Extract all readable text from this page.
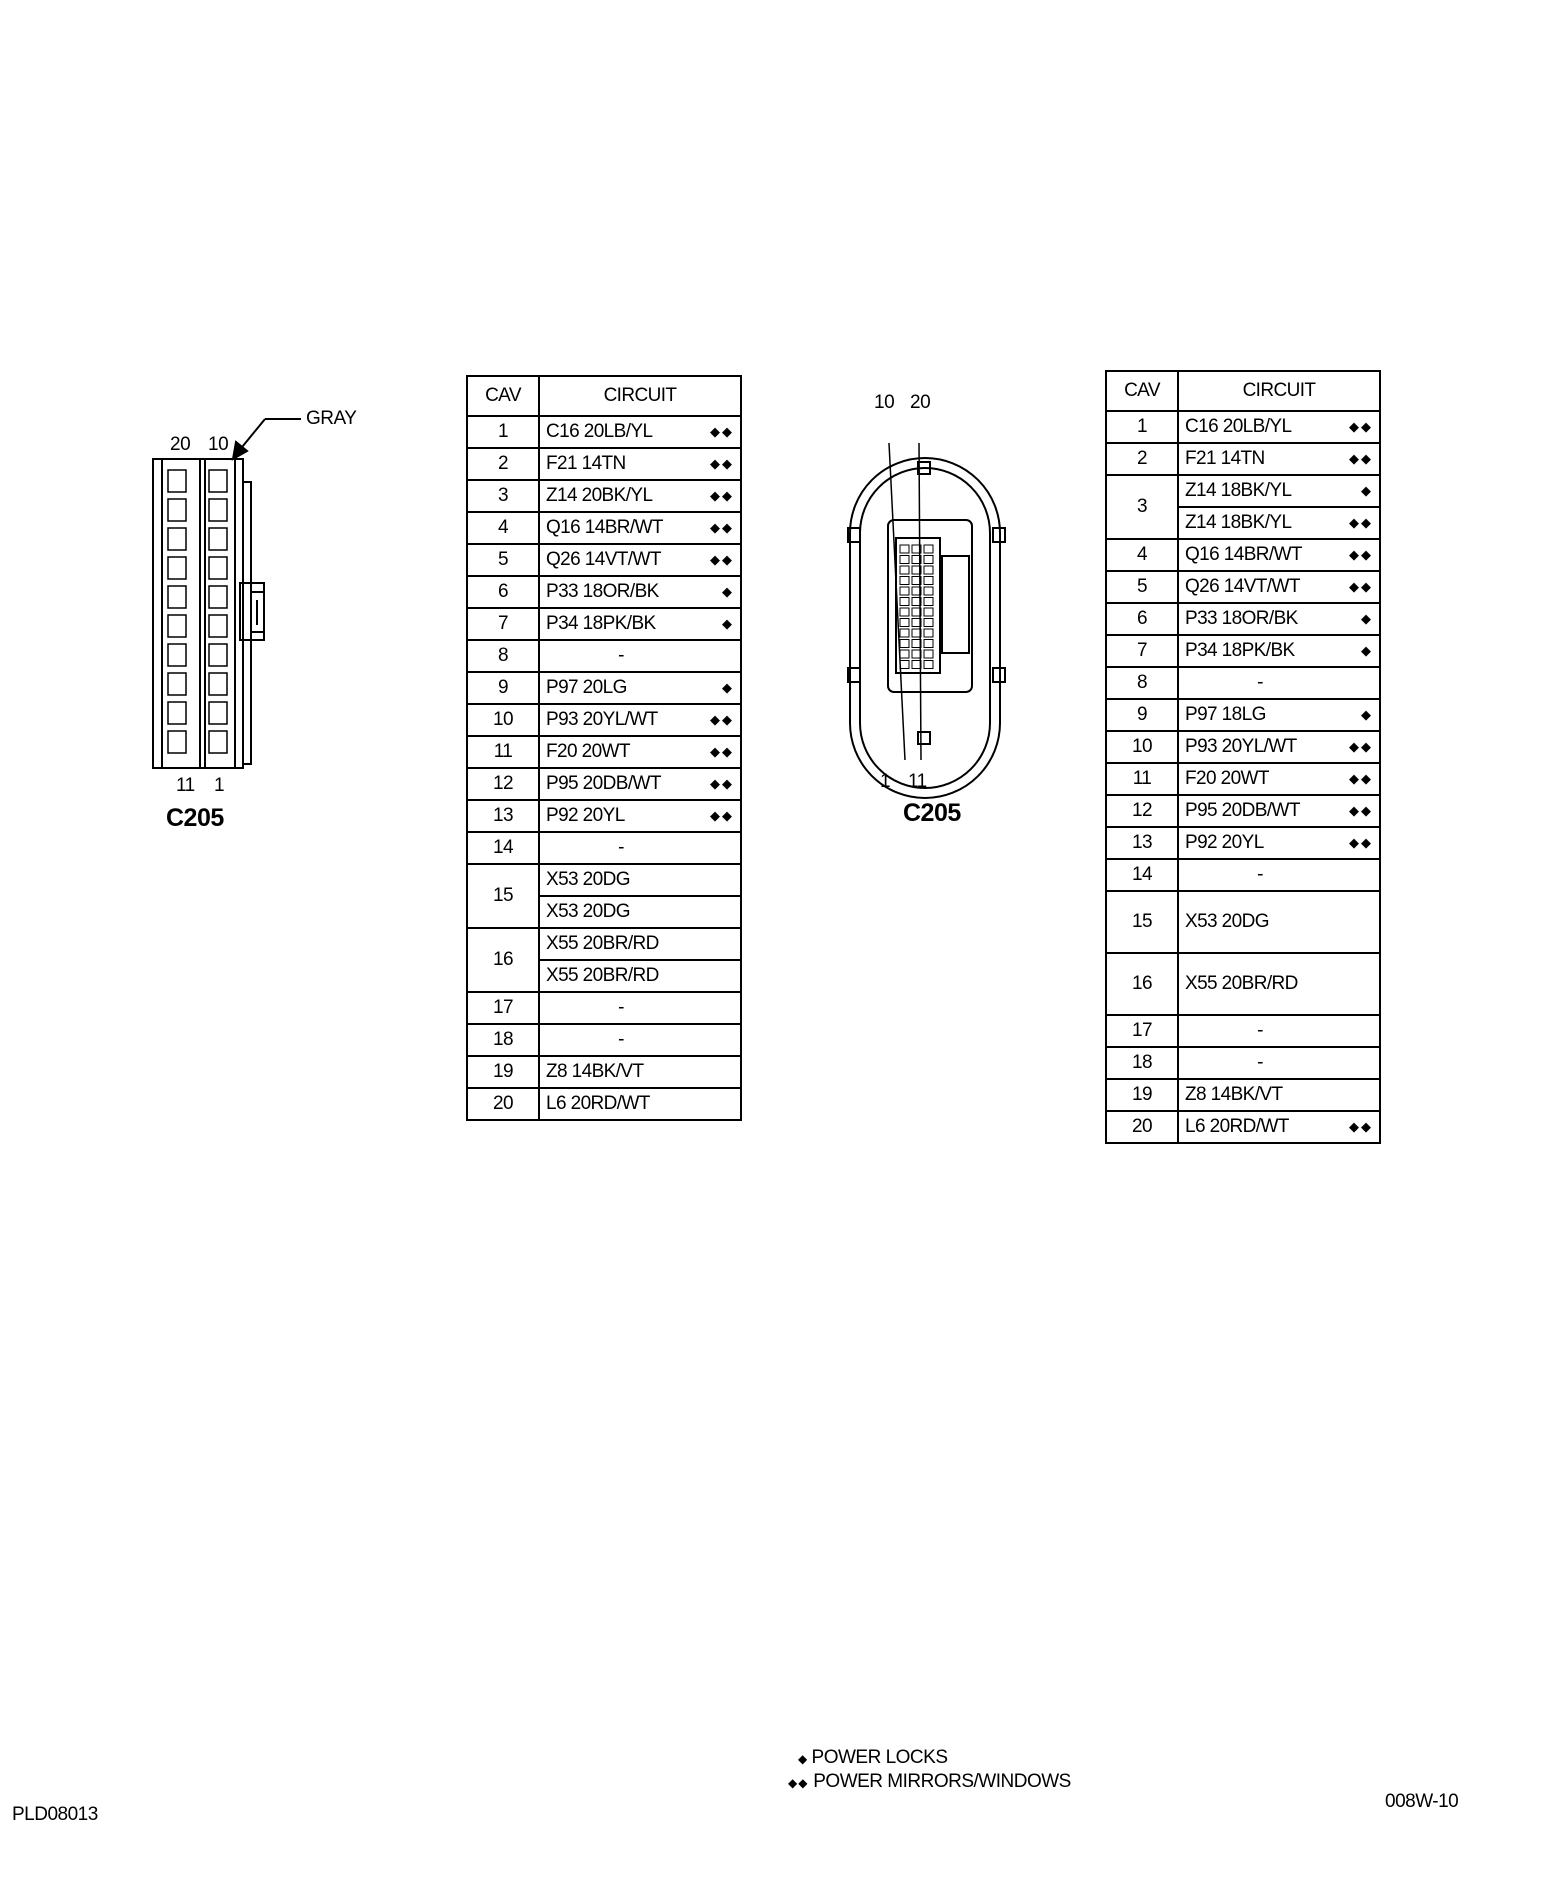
GRAY
20 10
11 1
C205
10 20
1 11
C205
CAV	CIRCUIT	
1	C16 20LB/YL	◆◆
2	F21 14TN	◆◆
3	Z14 20BK/YL	◆◆
4	Q16 14BR/WT	◆◆
5	Q26 14VT/WT	◆◆
6	P33 18OR/BK	◆
7	P34 18PK/BK	◆
8	-	
9	P97 20LG	◆
10	P93 20YL/WT	◆◆
11	F20 20WT	◆◆
12	P95 20DB/WT	◆◆
13	P92 20YL	◆◆
14	-	
15	X53 20DG	
	X53 20DG	
16	X55 20BR/RD	
	X55 20BR/RD	
17	-	
18	-	
19	Z8 14BK/VT	
20	L6 20RD/WT	
CAV	CIRCUIT	
1	C16 20LB/YL	◆◆
2	F21 14TN	◆◆
3	Z14 18BK/YL	◆
	Z14 18BK/YL	◆◆
4	Q16 14BR/WT	◆◆
5	Q26 14VT/WT	◆◆
6	P33 18OR/BK	◆
7	P34 18PK/BK	◆
8	-	
9	P97 18LG	◆
10	P93 20YL/WT	◆◆
11	F20 20WT	◆◆
12	P95 20DB/WT	◆◆
13	P92 20YL	◆◆
14	-	
15	X53 20DG	
16	X55 20BR/RD	
17	-	
18	-	
19	Z8 14BK/VT	
20	L6 20RD/WT	◆◆
◆ POWER LOCKS
◆◆ POWER MIRRORS/WINDOWS
PLD08013
008W-10
